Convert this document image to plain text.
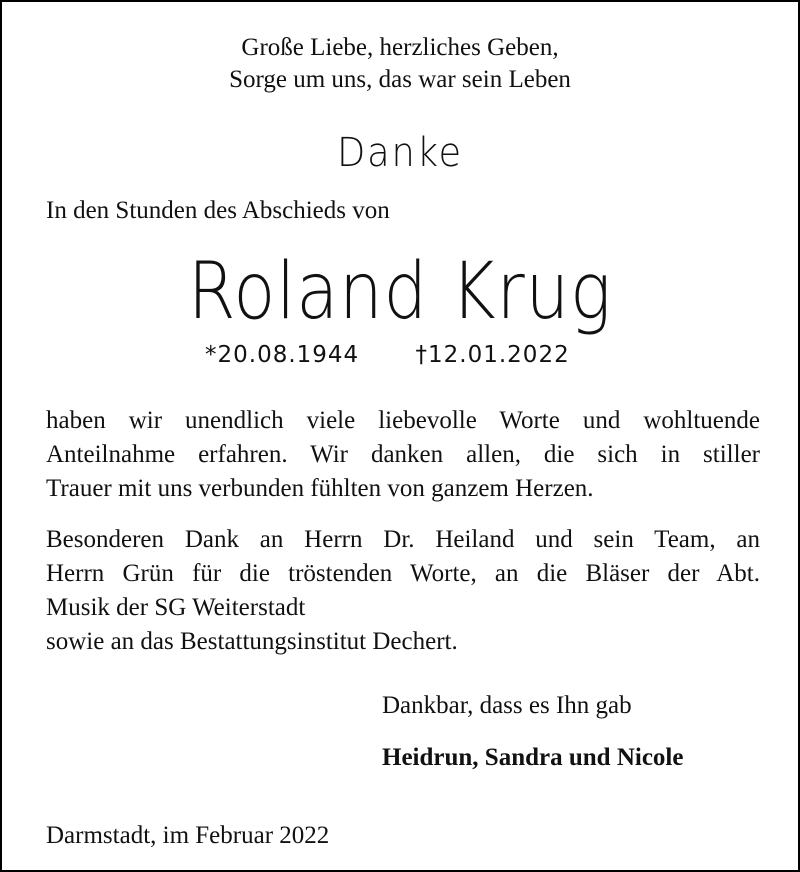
Große Liebe, herzliches Geben,
Sorge um uns, das war sein Leben
Danke
In den Stunden des Abschieds von
Roland Krug
*20.08.1944 †12.01.2022
haben wir unendlich viele liebevolle Worte und wohltuende
Anteilnahme erfahren. Wir danken allen, die sich in stiller
Trauer mit uns verbunden fühlten von ganzem Herzen.
Besonderen Dank an Herrn Dr. Heiland und sein Team, an
Herrn Grün für die tröstenden Worte, an die Bläser der Abt.
Musik der SG Weiterstadt
sowie an das Bestattungsinstitut Dechert.
Dankbar, dass es Ihn gab
Heidrun, Sandra und Nicole
Darmstadt, im Februar 2022
